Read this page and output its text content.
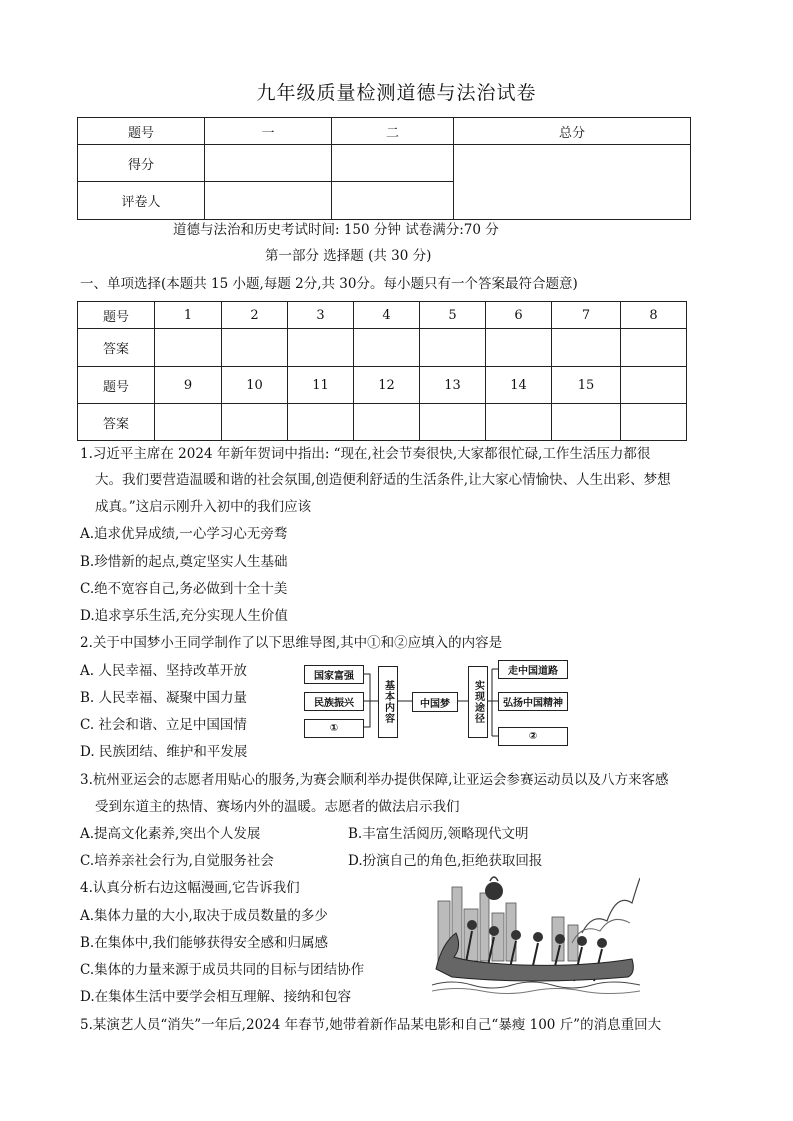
九年级质量检测道德与法治试卷
题号	一	二	总分
得分			
评卷人			
道德与法治和历史考试时间: 150 分钟 试卷满分:70 分
第一部分 选择题 (共 30 分)
一、单项选择(本题共 15 小题,每题 2分,共 30分。每小题只有一个答案最符合题意)
题号	1	2	3	4	5	6	7	8
答案								
题号	9	10	11	12	13	14	15	
答案								
1.习近平主席在 2024 年新年贺词中指出: “现在,社会节奏很快,大家都很忙碌,工作生活压力都很
大。我们要营造温暖和谐的社会氛围,创造便利舒适的生活条件,让大家心情愉快、人生出彩、梦想
成真。”这启示刚升入初中的我们应该
A.追求优异成绩,一心学习心无旁骛
B.珍惜新的起点,奠定坚实人生基础
C.绝不宽容自己,务必做到十全十美
D.追求享乐生活,充分实现人生价值
2.关于中国梦小王同学制作了以下思维导图,其中①和②应填入的内容是
A. 人民幸福、坚持改革开放
B. 人民幸福、凝聚中国力量
C. 社会和谐、立足中国国情
D. 民族团结、维护和平发展
国家富强
民族振兴
①
基本内容	中国梦	实现途径
走中国道路
弘扬中国精神
②
3.杭州亚运会的志愿者用贴心的服务,为赛会顺利举办提供保障,让亚运会参赛运动员以及八方来客感
受到东道主的热情、赛场内外的温暖。志愿者的做法启示我们
A.提高文化素养,突出个人发展	B.丰富生活阅历,领略现代文明
C.培养亲社会行为,自觉服务社会	D.扮演自己的角色,拒绝获取回报
4.认真分析右边这幅漫画,它告诉我们
A.集体力量的大小,取决于成员数量的多少
B.在集体中,我们能够获得安全感和归属感
C.集体的力量来源于成员共同的目标与团结协作
D.在集体生活中要学会相互理解、接纳和包容
5.某演艺人员“消失”一年后,2024 年春节,她带着新作品某电影和自己“暴瘦 100 斤”的消息重回大
